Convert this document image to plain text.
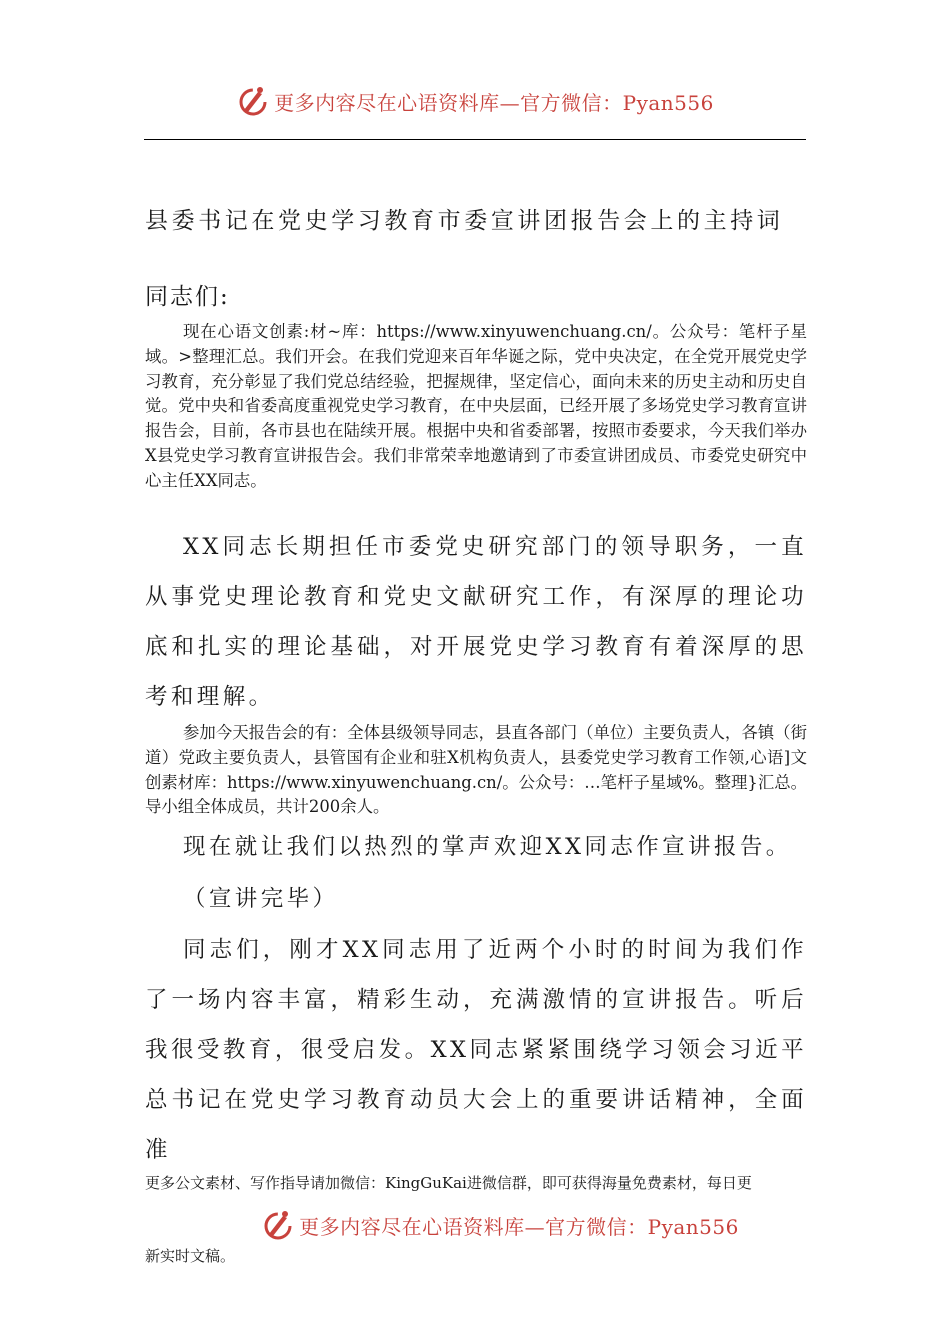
更多内容尽在心语资料库—官方微信：Pyan556
县委书记在党史学习教育市委宣讲团报告会上的主持词
同志们:

现在心语文创素:材~库：https://www.xinyuwenchuang.cn/。公众号：笔杆子星域。>整理汇总。我们开会。在我们党迎来百年华诞之际，党中央决定，在全党开展党史学习教育，充分彰显了我们党总结经验，把握规律，坚定信心，面向未来的历史主动和历史自觉。党中央和省委高度重视党史学习教育，在中央层面，已经开展了多场党史学习教育宣讲报告会，目前，各市县也在陆续开展。根据中央和省委部署，按照市委要求，今天我们举办X县党史学习教育宣讲报告会。我们非常荣幸地邀请到了市委宣讲团成员、市委党史研究中心主任XX同志。

XX同志长期担任市委党史研究部门的领导职务，一直从事党史理论教育和党史文献研究工作，有深厚的理论功底和扎实的理论基础，对开展党史学习教育有着深厚的思考和理解。

参加今天报告会的有：全体县级领导同志，县直各部门（单位）主要负责人，各镇（街道）党政主要负责人，县管国有企业和驻X机构负责人，县委党史学习教育工作领,心语]文创素材库：https://www.xinyuwenchuang.cn/。公众号：…笔杆子星域%。整理}汇总。导小组全体成员，共计200余人。

现在就让我们以热烈的掌声欢迎XX同志作宣讲报告。

（宣讲完毕）

同志们，刚才XX同志用了近两个小时的时间为我们作了一场内容丰富，精彩生动，充满激情的宣讲报告。听后我很受教育，很受启发。XX同志紧紧围绕学习领会习近平总书记在党史学习教育动员大会上的重要讲话精神，全面准

更多公文素材、写作指导请加微信：KingGuKai进微信群，即可获得海量免费素材，每日更
更多内容尽在心语资料库—官方微信：Pyan556
新实时文稿。
